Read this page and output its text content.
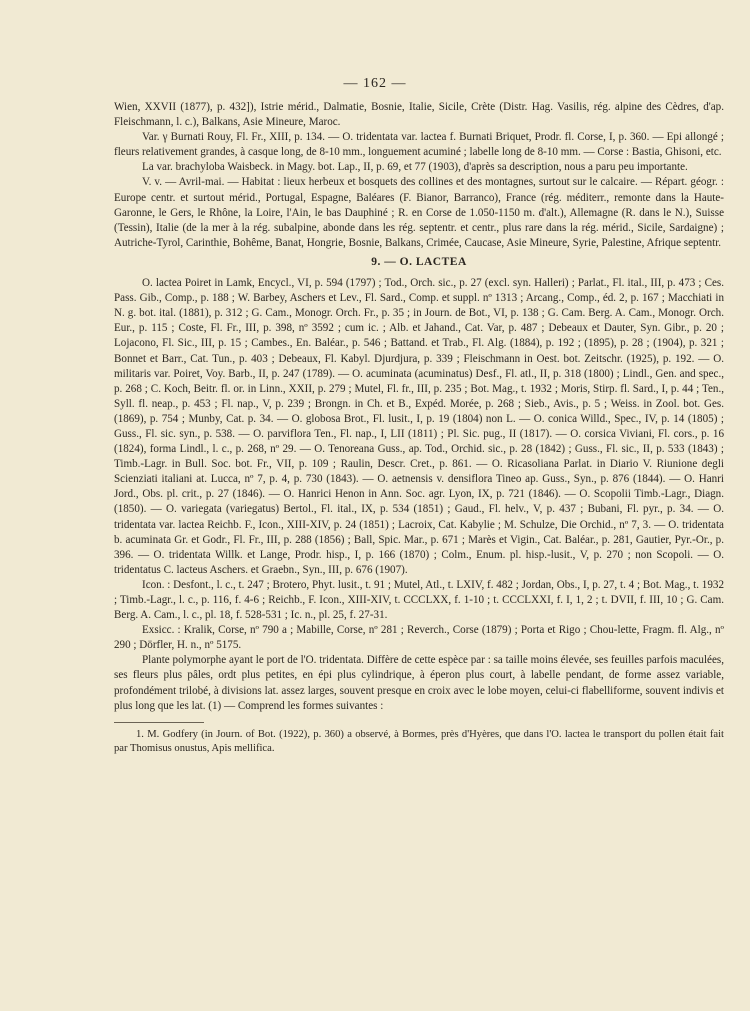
— 162 —

Wien, XXVII (1877), p. 432]), Istrie mérid., Dalmatie, Bosnie, Italie, Sicile, Crète (Distr. Hag. Vasilis, rég. alpine des Cèdres, d'ap. Fleischmann, l. c.), Balkans, Asie Mineure, Maroc.

Var. γ Burnati Rouy, Fl. Fr., XIII, p. 134. — O. tridentata var. lactea f. Burnati Briquet, Prodr. fl. Corse, I, p. 360. — Epi allongé ; fleurs relativement grandes, à casque long, de 8-10 mm., longuement acuminé ; labelle long de 8-10 mm. — Corse : Bastia, Ghisoni, etc.

La var. brachyloba Waisbeck. in Magy. bot. Lap., II, p. 69, et 77 (1903), d'après sa description, nous a paru peu importante.

V. v. — Avril-mai. — Habitat : lieux herbeux et bosquets des collines et des montagnes, surtout sur le calcaire. — Répart. géogr. : Europe centr. et surtout mérid., Portugal, Espagne, Baléares (F. Bianor, Barranco), France (rég. méditerr., remonte dans la Haute-Garonne, le Gers, le Rhône, la Loire, l'Ain, le bas Dauphiné ; R. en Corse de 1.050-1150 m. d'alt.), Allemagne (R. dans le N.), Suisse (Tessin), Italie (de la mer à la rég. subalpine, abonde dans les rég. septentr. et centr., plus rare dans la rég. mérid., Sicile, Sardaigne) ; Autriche-Tyrol, Carinthie, Bohême, Banat, Hongrie, Bosnie, Balkans, Crimée, Caucase, Asie Mineure, Syrie, Palestine, Afrique septentr.

9. — O. LACTEA

O. lactea Poiret in Lamk, Encycl., VI, p. 594 (1797) ; Tod., Orch. sic., p. 27 (excl. syn. Halleri) ; Parlat., Fl. ital., III, p. 473 ; Ces. Pass. Gib., Comp., p. 188 ; W. Barbey, Aschers et Lev., Fl. Sard., Comp. et suppl. nº 1313 ; Arcang., Comp., éd. 2, p. 167 ; Macchiati in N. g. bot. ital. (1881), p. 312 ; G. Cam., Monogr. Orch. Fr., p. 35 ; in Journ. de Bot., VI, p. 138 ; G. Cam. Berg. A. Cam., Monogr. Orch. Eur., p. 115 ; Coste, Fl. Fr., III, p. 398, nº 3592 ; cum ic. ; Alb. et Jahand., Cat. Var, p. 487 ; Debeaux et Dauter, Syn. Gibr., p. 20 ; Lojacono, Fl. Sic., III, p. 15 ; Cambes., En. Baléar., p. 546 ; Battand. et Trab., Fl. Alg. (1884), p. 192 ; (1895), p. 28 ; (1904), p. 321 ; Bonnet et Barr., Cat. Tun., p. 403 ; Debeaux, Fl. Kabyl. Djurdjura, p. 339 ; Fleischmann in Oest. bot. Zeitschr. (1925), p. 192. — O. militaris var. Poiret, Voy. Barb., II, p. 247 (1789). — O. acuminata (acuminatus) Desf., Fl. atl., II, p. 318 (1800) ; Lindl., Gen. and spec., p. 268 ; C. Koch, Beitr. fl. or. in Linn., XXII, p. 279 ; Mutel, Fl. fr., III, p. 235 ; Bot. Mag., t. 1932 ; Moris, Stirp. fl. Sard., I, p. 44 ; Ten., Syll. fl. neap., p. 453 ; Fl. nap., V, p. 239 ; Brongn. in Ch. et B., Expéd. Morée, p. 268 ; Sieb., Avis., p. 5 ; Weiss. in Zool. bot. Ges. (1869), p. 754 ; Munby, Cat. p. 34. — O. globosa Brot., Fl. lusit., I, p. 19 (1804) non L. — O. conica Willd., Spec., IV, p. 14 (1805) ; Guss., Fl. sic. syn., p. 538. — O. parviflora Ten., Fl. nap., I, LII (1811) ; Pl. Sic. pug., II (1817). — O. corsica Viviani, Fl. cors., p. 16 (1824), forma Lindl., l. c., p. 268, nº 29. — O. Tenoreana Guss., ap. Tod., Orchid. sic., p. 28 (1842) ; Guss., Fl. sic., II, p. 533 (1843) ; Timb.-Lagr. in Bull. Soc. bot. Fr., VII, p. 109 ; Raulin, Descr. Cret., p. 861. — O. Ricasoliana Parlat. in Diario V. Riunione degli Scienziati italiani at. Lucca, nº 7, p. 4, p. 730 (1843). — O. aetnensis v. densiflora Tineo ap. Guss., Syn., p. 876 (1844). — O. Hanri Jord., Obs. pl. crit., p. 27 (1846). — O. Hanrici Henon in Ann. Soc. agr. Lyon, IX, p. 721 (1846). — O. Scopolii Timb.-Lagr., Diagn. (1850). — O. variegata (variegatus) Bertol., Fl. ital., IX, p. 534 (1851) ; Gaud., Fl. helv., V, p. 437 ; Bubani, Fl. pyr., p. 34. — O. tridentata var. lactea Reichb. F., Icon., XIII-XIV, p. 24 (1851) ; Lacroix, Cat. Kabylie ; M. Schulze, Die Orchid., nº 7, 3. — O. tridentata b. acuminata Gr. et Godr., Fl. Fr., III, p. 288 (1856) ; Ball, Spic. Mar., p. 671 ; Marès et Vigin., Cat. Baléar., p. 281, Gautier, Pyr.-Or., p. 396. — O. tridentata Willk. et Lange, Prodr. hisp., I, p. 166 (1870) ; Colm., Enum. pl. hisp.-lusit., V, p. 270 ; non Scopoli. — O. tridentatus C. lacteus Aschers. et Graebn., Syn., III, p. 676 (1907).

Icon. : Desfont., l. c., t. 247 ; Brotero, Phyt. lusit., t. 91 ; Mutel, Atl., t. LXIV, f. 482 ; Jordan, Obs., I, p. 27, t. 4 ; Bot. Mag., t. 1932 ; Timb.-Lagr., l. c., p. 116, f. 4-6 ; Reichb., F. Icon., XIII-XIV, t. CCCLXX, f. 1-10 ; t. CCCLXXI, f. I, 1, 2 ; t. DVII, f. III, 10 ; G. Cam. Berg. A. Cam., l. c., pl. 18, f. 528-531 ; Ic. n., pl. 25, f. 27-31.

Exsicc. : Kralik, Corse, nº 790 a ; Mabille, Corse, nº 281 ; Reverch., Corse (1879) ; Porta et Rigo ; Chou-lette, Fragm. fl. Alg., nº 290 ; Dörfler, H. n., nº 5175.

Plante polymorphe ayant le port de l'O. tridentata. Diffère de cette espèce par : sa taille moins élevée, ses feuilles parfois maculées, ses fleurs plus pâles, ordt plus petites, en épi plus cylindrique, à éperon plus court, à labelle pendant, de forme assez variable, profondément trilobé, à divisions lat. assez larges, souvent presque en croix avec le lobe moyen, celui-ci flabelliforme, souvent indivis et plus long que les lat. (1) — Comprend les formes suivantes :

1. M. Godfery (in Journ. of Bot. (1922), p. 360) a observé, à Bormes, près d'Hyères, que dans l'O. lactea le transport du pollen était fait par Thomisus onustus, Apis mellifica.
